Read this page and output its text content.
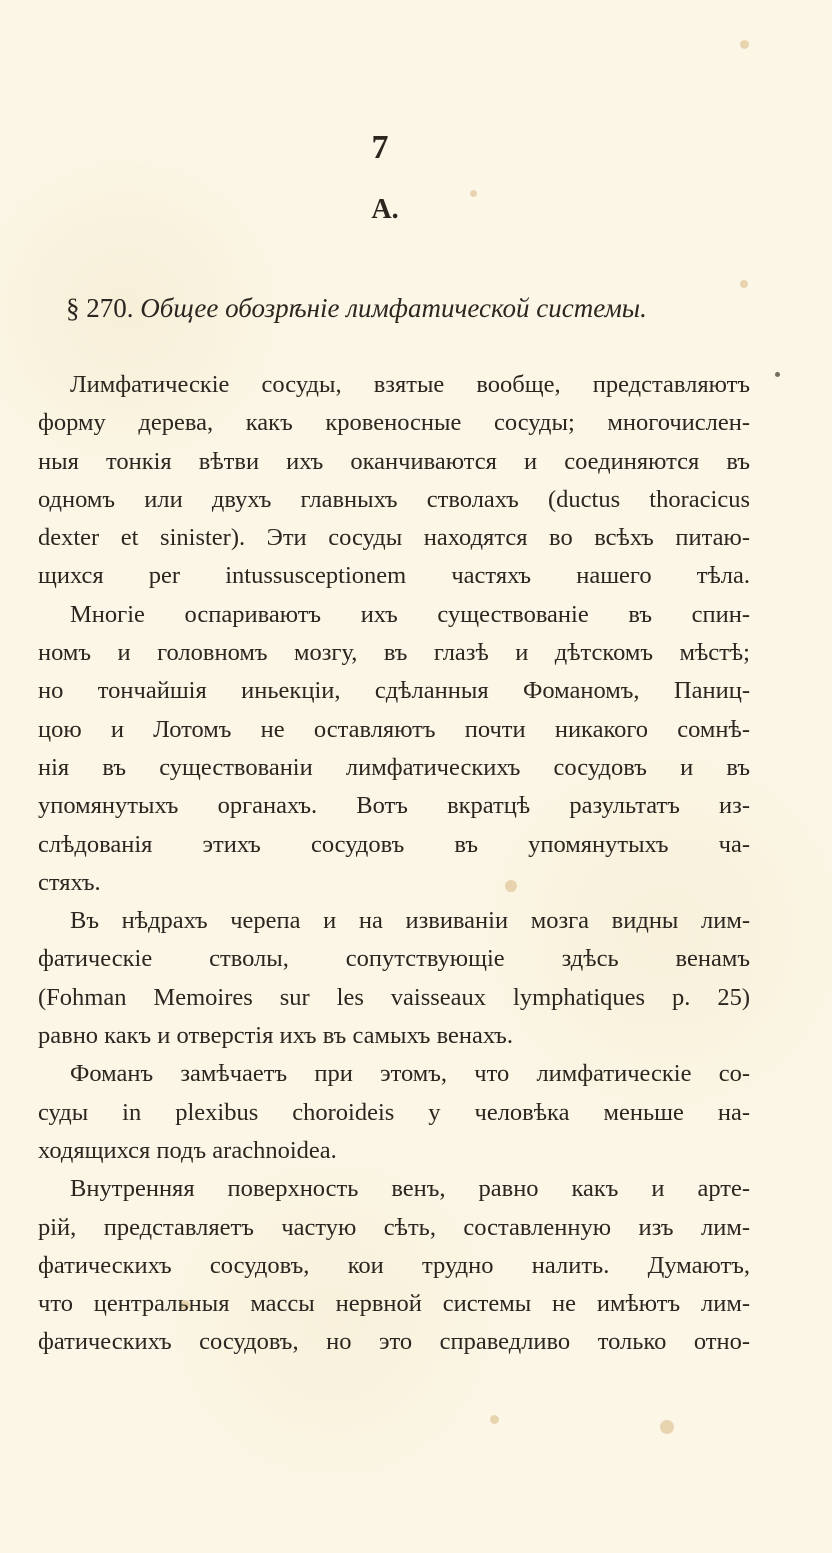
7
A.
§ 270. Общее обозрѣніе лимфатической системы.
Лимфатическіе сосуды, взятые вообще, представляютъ
форму дерева, какъ кровеносные сосуды; многочислен-
ныя тонкія вѣтви ихъ оканчиваются и соединяются въ
одномъ или двухъ главныхъ стволахъ (ductus thoracicus
dexter et sinister). Эти сосуды находятся во всѣхъ питаю-
щихся per intussusceptionem частяхъ нашего тѣла.
Многіе оспариваютъ ихъ существованіе въ спин-
номъ и головномъ мозгу, въ глазѣ и дѣтскомъ мѣстѣ;
но тончайшія иньекціи, сдѣланныя Фоманомъ, Паниц-
цою и Лотомъ не оставляютъ почти никакого сомнѣ-
нія въ существованіи лимфатическихъ сосудовъ и въ
упомянутыхъ органахъ. Вотъ вкратцѣ разультатъ из-
слѣдованія этихъ сосудовъ въ упомянутыхъ ча-
стяхъ.
Въ нѣдрахъ черепа и на извиваніи мозга видны лим-
фатическіе стволы, сопутствующіе здѣсь венамъ
(Fohman Memoires sur les vaisseaux lymphatiques p. 25)
равно какъ и отверстія ихъ въ самыхъ венахъ.
Фоманъ замѣчаетъ при этомъ, что лимфатическіе со-
суды in plexibus choroideis у человѣка меньше на-
ходящихся подъ arachnoidea.
Внутренняя поверхность венъ, равно какъ и арте-
рій, представляетъ частую сѣть, составленную изъ лим-
фатическихъ сосудовъ, кои трудно налить. Думаютъ,
что центральныя массы нервной системы не имѣютъ лим-
фатическихъ сосудовъ, но это справедливо только отно-
